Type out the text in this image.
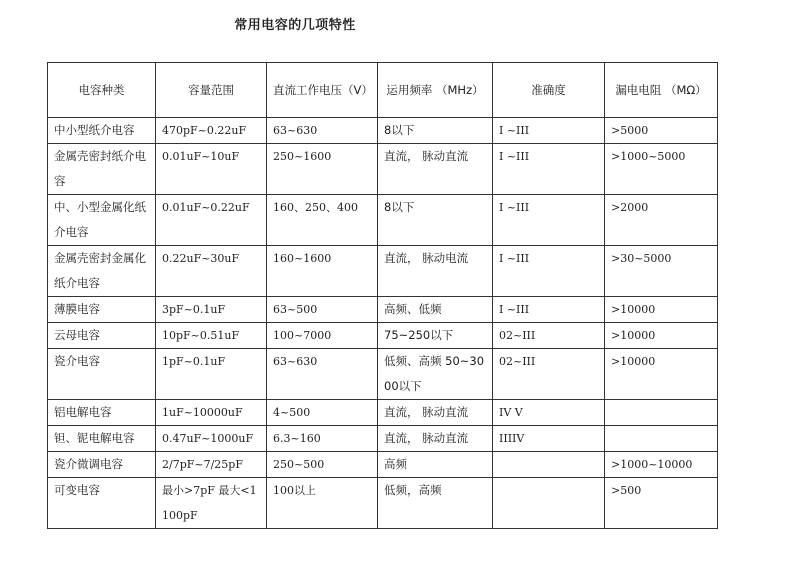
常用电容的几项特性
电容种类	容量范围	直流工作电压（V）	运用频率 （MHz）	准确度	漏电电阻 （MΩ）
中小型纸介电容	470pF~0.22uF	63~630	8以下	I ~III	>5000
金属壳密封纸介电容	0.01uF~10uF	250~1600	直流， 脉动直流	I ~III	>1000~5000
中、小型金属化纸介电容	0.01uF~0.22uF	160、250、400	8以下	I ~III	>2000
金属壳密封金属化纸介电容	0.22uF~30uF	160~1600	直流， 脉动电流	I ~III	>30~5000
薄膜电容	3pF~0.1uF	63~500	高频、低频	I ~III	>10000
云母电容	10pF~0.51uF	100~7000	75~250以下	02~III	>10000
瓷介电容	1pF~0.1uF	63~630	低频、高频 50~3000以下	02~III	>10000
铝电解电容	1uF~10000uF	4~500	直流， 脉动直流	IV V	
钽、铌电解电容	0.47uF~1000uF	6.3~160	直流， 脉动直流	IIIIV	
瓷介微调电容	2/7pF~7/25pF	250~500	高频		>1000~10000
可变电容	最小>7pF 最大<1100pF	100以上	低频，高频		>500
